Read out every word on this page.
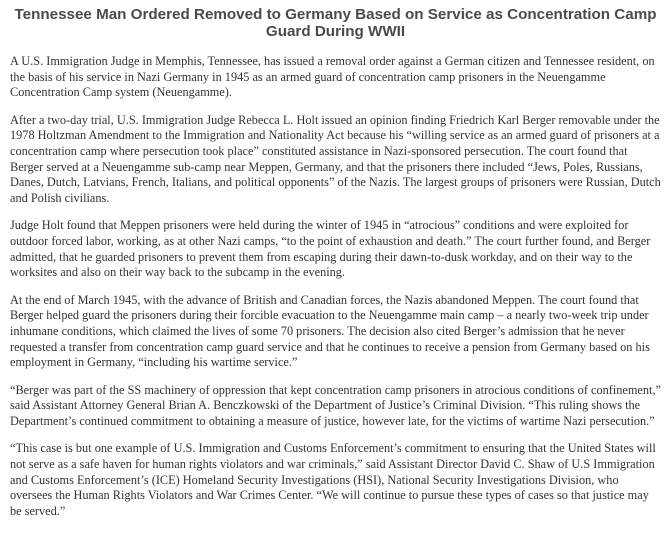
Tennessee Man Ordered Removed to Germany Based on Service as Concentration Camp Guard During WWII

A U.S. Immigration Judge in Memphis, Tennessee, has issued a removal order against a German citizen and Tennessee resident, on the basis of his service in Nazi Germany in 1945 as an armed guard of concentration camp prisoners in the Neuengamme Concentration Camp system (Neuengamme).

After a two-day trial, U.S. Immigration Judge Rebecca L. Holt issued an opinion finding Friedrich Karl Berger removable under the 1978 Holtzman Amendment to the Immigration and Nationality Act because his “willing service as an armed guard of prisoners at a concentration camp where persecution took place” constituted assistance in Nazi-sponsored persecution. The court found that Berger served at a Neuengamme sub-camp near Meppen, Germany, and that the prisoners there included “Jews, Poles, Russians, Danes, Dutch, Latvians, French, Italians, and political opponents” of the Nazis. The largest groups of prisoners were Russian, Dutch and Polish civilians.

Judge Holt found that Meppen prisoners were held during the winter of 1945 in “atrocious” conditions and were exploited for outdoor forced labor, working, as at other Nazi camps, “to the point of exhaustion and death.” The court further found, and Berger admitted, that he guarded prisoners to prevent them from escaping during their dawn-to-dusk workday, and on their way to the worksites and also on their way back to the subcamp in the evening.

At the end of March 1945, with the advance of British and Canadian forces, the Nazis abandoned Meppen. The court found that Berger helped guard the prisoners during their forcible evacuation to the Neuengamme main camp – a nearly two-week trip under inhumane conditions, which claimed the lives of some 70 prisoners. The decision also cited Berger’s admission that he never requested a transfer from concentration camp guard service and that he continues to receive a pension from Germany based on his employment in Germany, “including his wartime service.”

“Berger was part of the SS machinery of oppression that kept concentration camp prisoners in atrocious conditions of confinement,” said Assistant Attorney General Brian A. Benczkowski of the Department of Justice’s Criminal Division. “This ruling shows the Department’s continued commitment to obtaining a measure of justice, however late, for the victims of wartime Nazi persecution.”

“This case is but one example of U.S. Immigration and Customs Enforcement’s commitment to ensuring that the United States will not serve as a safe haven for human rights violators and war criminals,” said Assistant Director David C. Shaw of U.S Immigration and Customs Enforcement’s (ICE) Homeland Security Investigations (HSI), National Security Investigations Division, who oversees the Human Rights Violators and War Crimes Center. “We will continue to pursue these types of cases so that justice may be served.”
